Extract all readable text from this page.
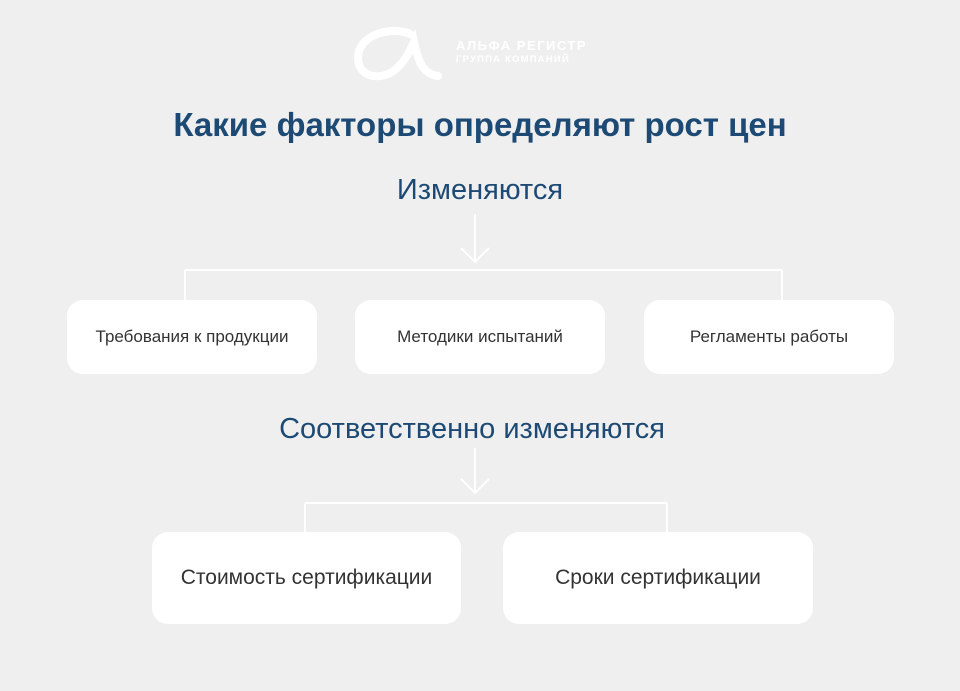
АЛЬФА РЕГИСТР
ГРУППА КОМПАНИЙ
Какие факторы определяют рост цен
Изменяются
Требования к продукции	Методики испытаний	Регламенты работы
Соответственно изменяются
Стоимость сертификации	Сроки сертификации
